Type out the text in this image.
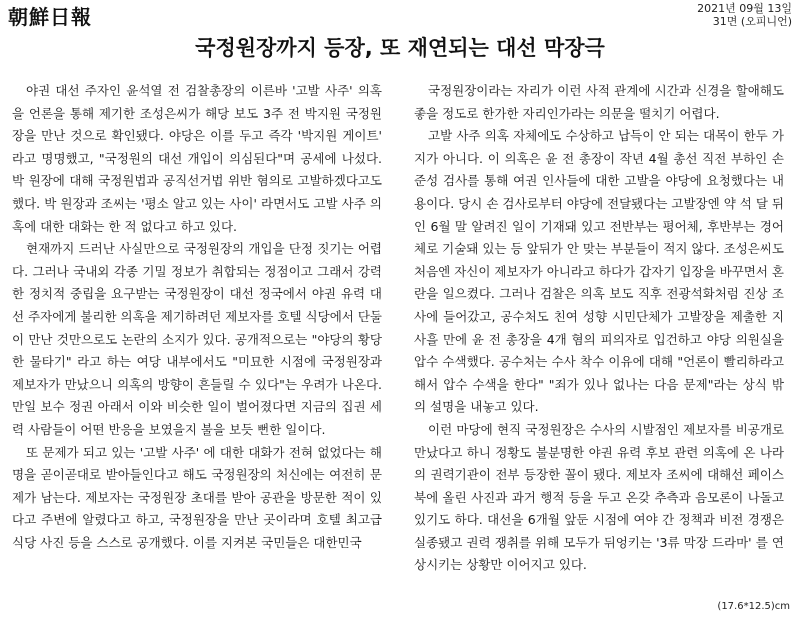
朝鮮日報	2021년 09월 13일
31면 (오피니언)
국정원장까지 등장, 또 재연되는 대선 막장극

야권 대선 주자인 윤석열 전 검찰총장의 이른바 '고발 사주' 의혹을 언론을 통해 제기한 조성은씨가 해당 보도 3주 전 박지원 국정원장을 만난 것으로 확인됐다. 야당은 이를 두고 즉각 '박지원 게이트' 라고 명명했고, "국정원의 대선 개입이 의심된다"며 공세에 나섰다. 박 원장에 대해 국정원법과 공직선거법 위반 혐의로 고발하겠다고도 했다. 박 원장과 조씨는 '평소 알고 있는 사이' 라면서도 고발 사주 의혹에 대한 대화는 한 적 없다고 하고 있다.

현재까지 드러난 사실만으로 국정원장의 개입을 단정 짓기는 어렵다. 그러나 국내외 각종 기밀 정보가 취합되는 정점이고 그래서 강력한 정치적 중립을 요구받는 국정원장이 대선 정국에서 야권 유력 대선 주자에게 불리한 의혹을 제기하려던 제보자를 호텔 식당에서 단둘이 만난 것만으로도 논란의 소지가 있다. 공개적으로는 "야당의 황당한 물타기" 라고 하는 여당 내부에서도 "미묘한 시점에 국정원장과 제보자가 만났으니 의혹의 방향이 흔들릴 수 있다"는 우려가 나온다. 만일 보수 정권 아래서 이와 비슷한 일이 벌어졌다면 지금의 집권 세력 사람들이 어떤 반응을 보였을지 불을 보듯 뻔한 일이다.

또 문제가 되고 있는 '고발 사주' 에 대한 대화가 전혀 없었다는 해명을 곧이곧대로 받아들인다고 해도 국정원장의 처신에는 여전히 문제가 남는다. 제보자는 국정원장 초대를 받아 공관을 방문한 적이 있다고 주변에 알렸다고 하고, 국정원장을 만난 곳이라며 호텔 최고급 식당 사진 등을 스스로 공개했다. 이를 지켜본 국민들은 대한민국

국정원장이라는 자리가 이런 사적 관계에 시간과 신경을 할애해도 좋을 정도로 한가한 자리인가라는 의문을 떨치기 어렵다.

고발 사주 의혹 자체에도 수상하고 납득이 안 되는 대목이 한두 가지가 아니다. 이 의혹은 윤 전 총장이 작년 4월 총선 직전 부하인 손준성 검사를 통해 여권 인사들에 대한 고발을 야당에 요청했다는 내용이다. 당시 손 검사로부터 야당에 전달됐다는 고발장엔 약 석 달 뒤인 6월 말 알려진 일이 기재돼 있고 전반부는 평어체, 후반부는 경어체로 기술돼 있는 등 앞뒤가 안 맞는 부분들이 적지 않다. 조성은씨도 처음엔 자신이 제보자가 아니라고 하다가 갑자기 입장을 바꾸면서 혼란을 일으켰다. 그러나 검찰은 의혹 보도 직후 전광석화처럼 진상 조사에 들어갔고, 공수처도 친여 성향 시민단체가 고발장을 제출한 지 사흘 만에 윤 전 총장을 4개 혐의 피의자로 입건하고 야당 의원실을 압수 수색했다. 공수처는 수사 착수 이유에 대해 "언론이 빨리하라고 해서 압수 수색을 한다" "죄가 있나 없나는 다음 문제"라는 상식 밖의 설명을 내놓고 있다.

이런 마당에 현직 국정원장은 수사의 시발점인 제보자를 비공개로 만났다고 하니 정황도 불분명한 야권 유력 후보 관련 의혹에 온 나라의 권력기관이 전부 등장한 꼴이 됐다. 제보자 조씨에 대해선 페이스북에 올린 사진과 과거 행적 등을 두고 온갖 추측과 음모론이 나돌고 있기도 하다. 대선을 6개월 앞둔 시점에 여야 간 정책과 비전 경쟁은 실종됐고 권력 쟁취를 위해 모두가 뒤엉키는 '3류 막장 드라마' 를 연상시키는 상황만 이어지고 있다.

(17.6*12.5)cm
